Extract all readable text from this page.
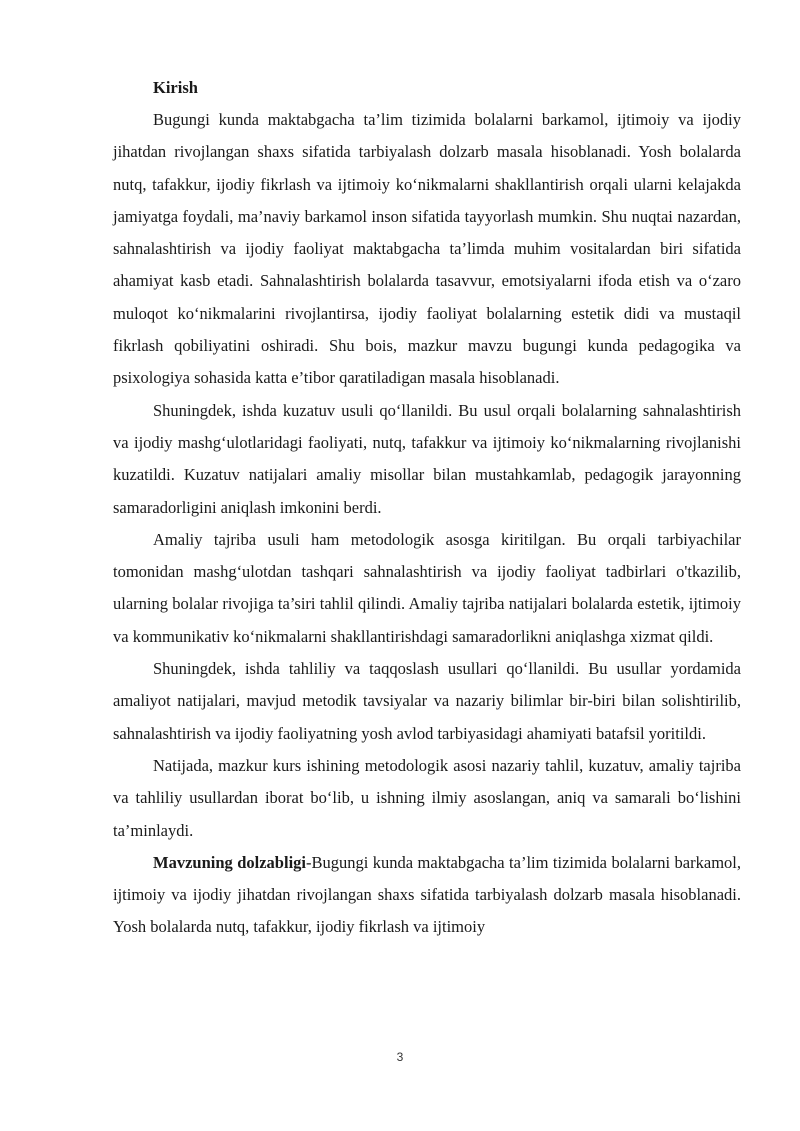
Kirish

Bugungi kunda maktabgacha ta’lim tizimida bolalarni barkamol, ijtimoiy va ijodiy jihatdan rivojlangan shaxs sifatida tarbiyalash dolzarb masala hisoblanadi. Yosh bolalarda nutq, tafakkur, ijodiy fikrlash va ijtimoiy ko‘nikmalarni shakllantirish orqali ularni kelajakda jamiyatga foydali, ma’naviy barkamol inson sifatida tayyorlash mumkin. Shu nuqtai nazardan, sahnalashtirish va ijodiy faoliyat maktabgacha ta’limda muhim vositalardan biri sifatida ahamiyat kasb etadi. Sahnalashtirish bolalarda tasavvur, emotsiyalarni ifoda etish va o‘zaro muloqot ko‘nikmalarini rivojlantirsa, ijodiy faoliyat bolalarning estetik didi va mustaqil fikrlash qobiliyatini oshiradi. Shu bois, mazkur mavzu bugungi kunda pedagogika va psixologiya sohasida katta e’tibor qaratiladigan masala hisoblanadi.

Shuningdek, ishda kuzatuv usuli qo‘llanildi. Bu usul orqali bolalarning sahnalashtirish va ijodiy mashg‘ulotlaridagi faoliyati, nutq, tafakkur va ijtimoiy ko‘nikmalarning rivojlanishi kuzatildi. Kuzatuv natijalari amaliy misollar bilan mustahkamlab, pedagogik jarayonning samaradorligini aniqlash imkonini berdi.

Amaliy tajriba usuli ham metodologik asosga kiritilgan. Bu orqali tarbiyachilar tomonidan mashg‘ulotdan tashqari sahnalashtirish va ijodiy faoliyat tadbirlari o'tkazilib, ularning bolalar rivojiga ta’siri tahlil qilindi. Amaliy tajriba natijalari bolalarda estetik, ijtimoiy va kommunikativ ko‘nikmalarni shakllantirishdagi samaradorlikni aniqlashga xizmat qildi.

Shuningdek, ishda tahliliy va taqqoslash usullari qo‘llanildi. Bu usullar yordamida amaliyot natijalari, mavjud metodik tavsiyalar va nazariy bilimlar bir-biri bilan solishtirilib, sahnalashtirish va ijodiy faoliyatning yosh avlod tarbiyasidagi ahamiyati batafsil yoritildi.

Natijada, mazkur kurs ishining metodologik asosi nazariy tahlil, kuzatuv, amaliy tajriba va tahliliy usullardan iborat bo‘lib, u ishning ilmiy asoslangan, aniq va samarali bo‘lishini ta’minlaydi.

Mavzuning dolzabligi-Bugungi kunda maktabgacha ta’lim tizimida bolalarni barkamol, ijtimoiy va ijodiy jihatdan rivojlangan shaxs sifatida tarbiyalash dolzarb masala hisoblanadi. Yosh bolalarda nutq, tafakkur, ijodiy fikrlash va ijtimoiy

3
